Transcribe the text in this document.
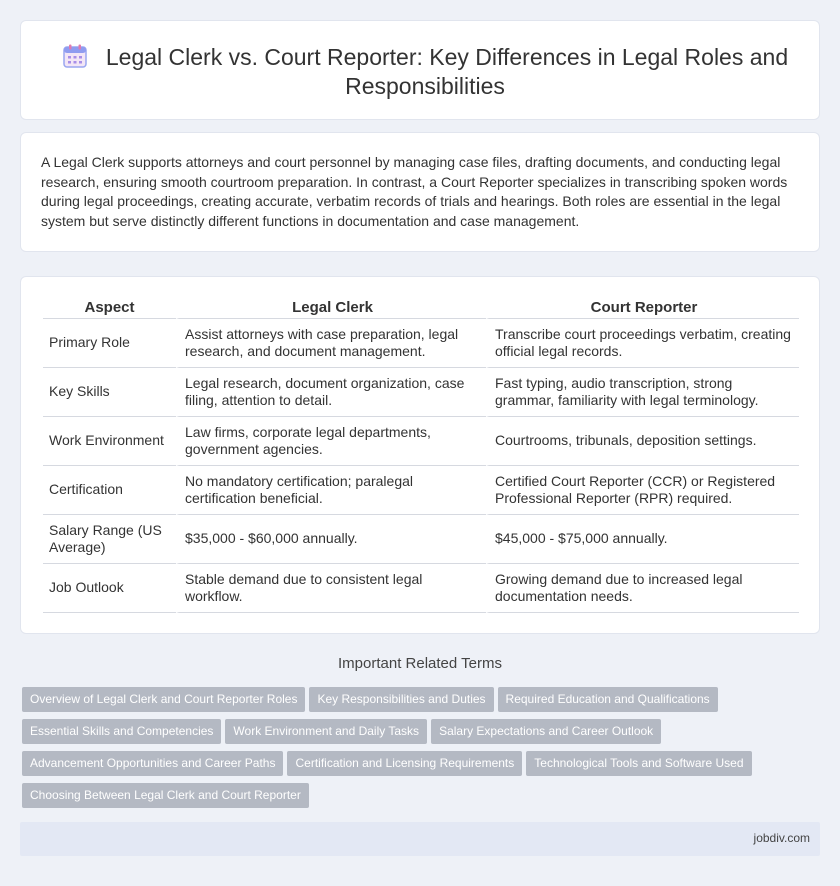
Legal Clerk vs. Court Reporter: Key Differences in Legal Roles and Responsibilities

A Legal Clerk supports attorneys and court personnel by managing case files, drafting documents, and conducting legal research, ensuring smooth courtroom preparation. In contrast, a Court Reporter specializes in transcribing spoken words during legal proceedings, creating accurate, verbatim records of trials and hearings. Both roles are essential in the legal system but serve distinctly different functions in documentation and case management.

Aspect	Legal Clerk	Court Reporter
Primary Role	Assist attorneys with case preparation, legal research, and document management.	Transcribe court proceedings verbatim, creating official legal records.
Key Skills	Legal research, document organization, case filing, attention to detail.	Fast typing, audio transcription, strong grammar, familiarity with legal terminology.
Work Environment	Law firms, corporate legal departments, government agencies.	Courtrooms, tribunals, deposition settings.
Certification	No mandatory certification; paralegal certification beneficial.	Certified Court Reporter (CCR) or Registered Professional Reporter (RPR) required.
Salary Range (US Average)	$35,000 - $60,000 annually.	$45,000 - $75,000 annually.
Job Outlook	Stable demand due to consistent legal workflow.	Growing demand due to increased legal documentation needs.
Important Related Terms
Overview of Legal Clerk and Court Reporter Roles Key Responsibilities and Duties Required Education and Qualifications
Essential Skills and Competencies Work Environment and Daily Tasks Salary Expectations and Career Outlook
Advancement Opportunities and Career Paths Certification and Licensing Requirements Technological Tools and Software Used
Choosing Between Legal Clerk and Court Reporter
jobdiv.com
